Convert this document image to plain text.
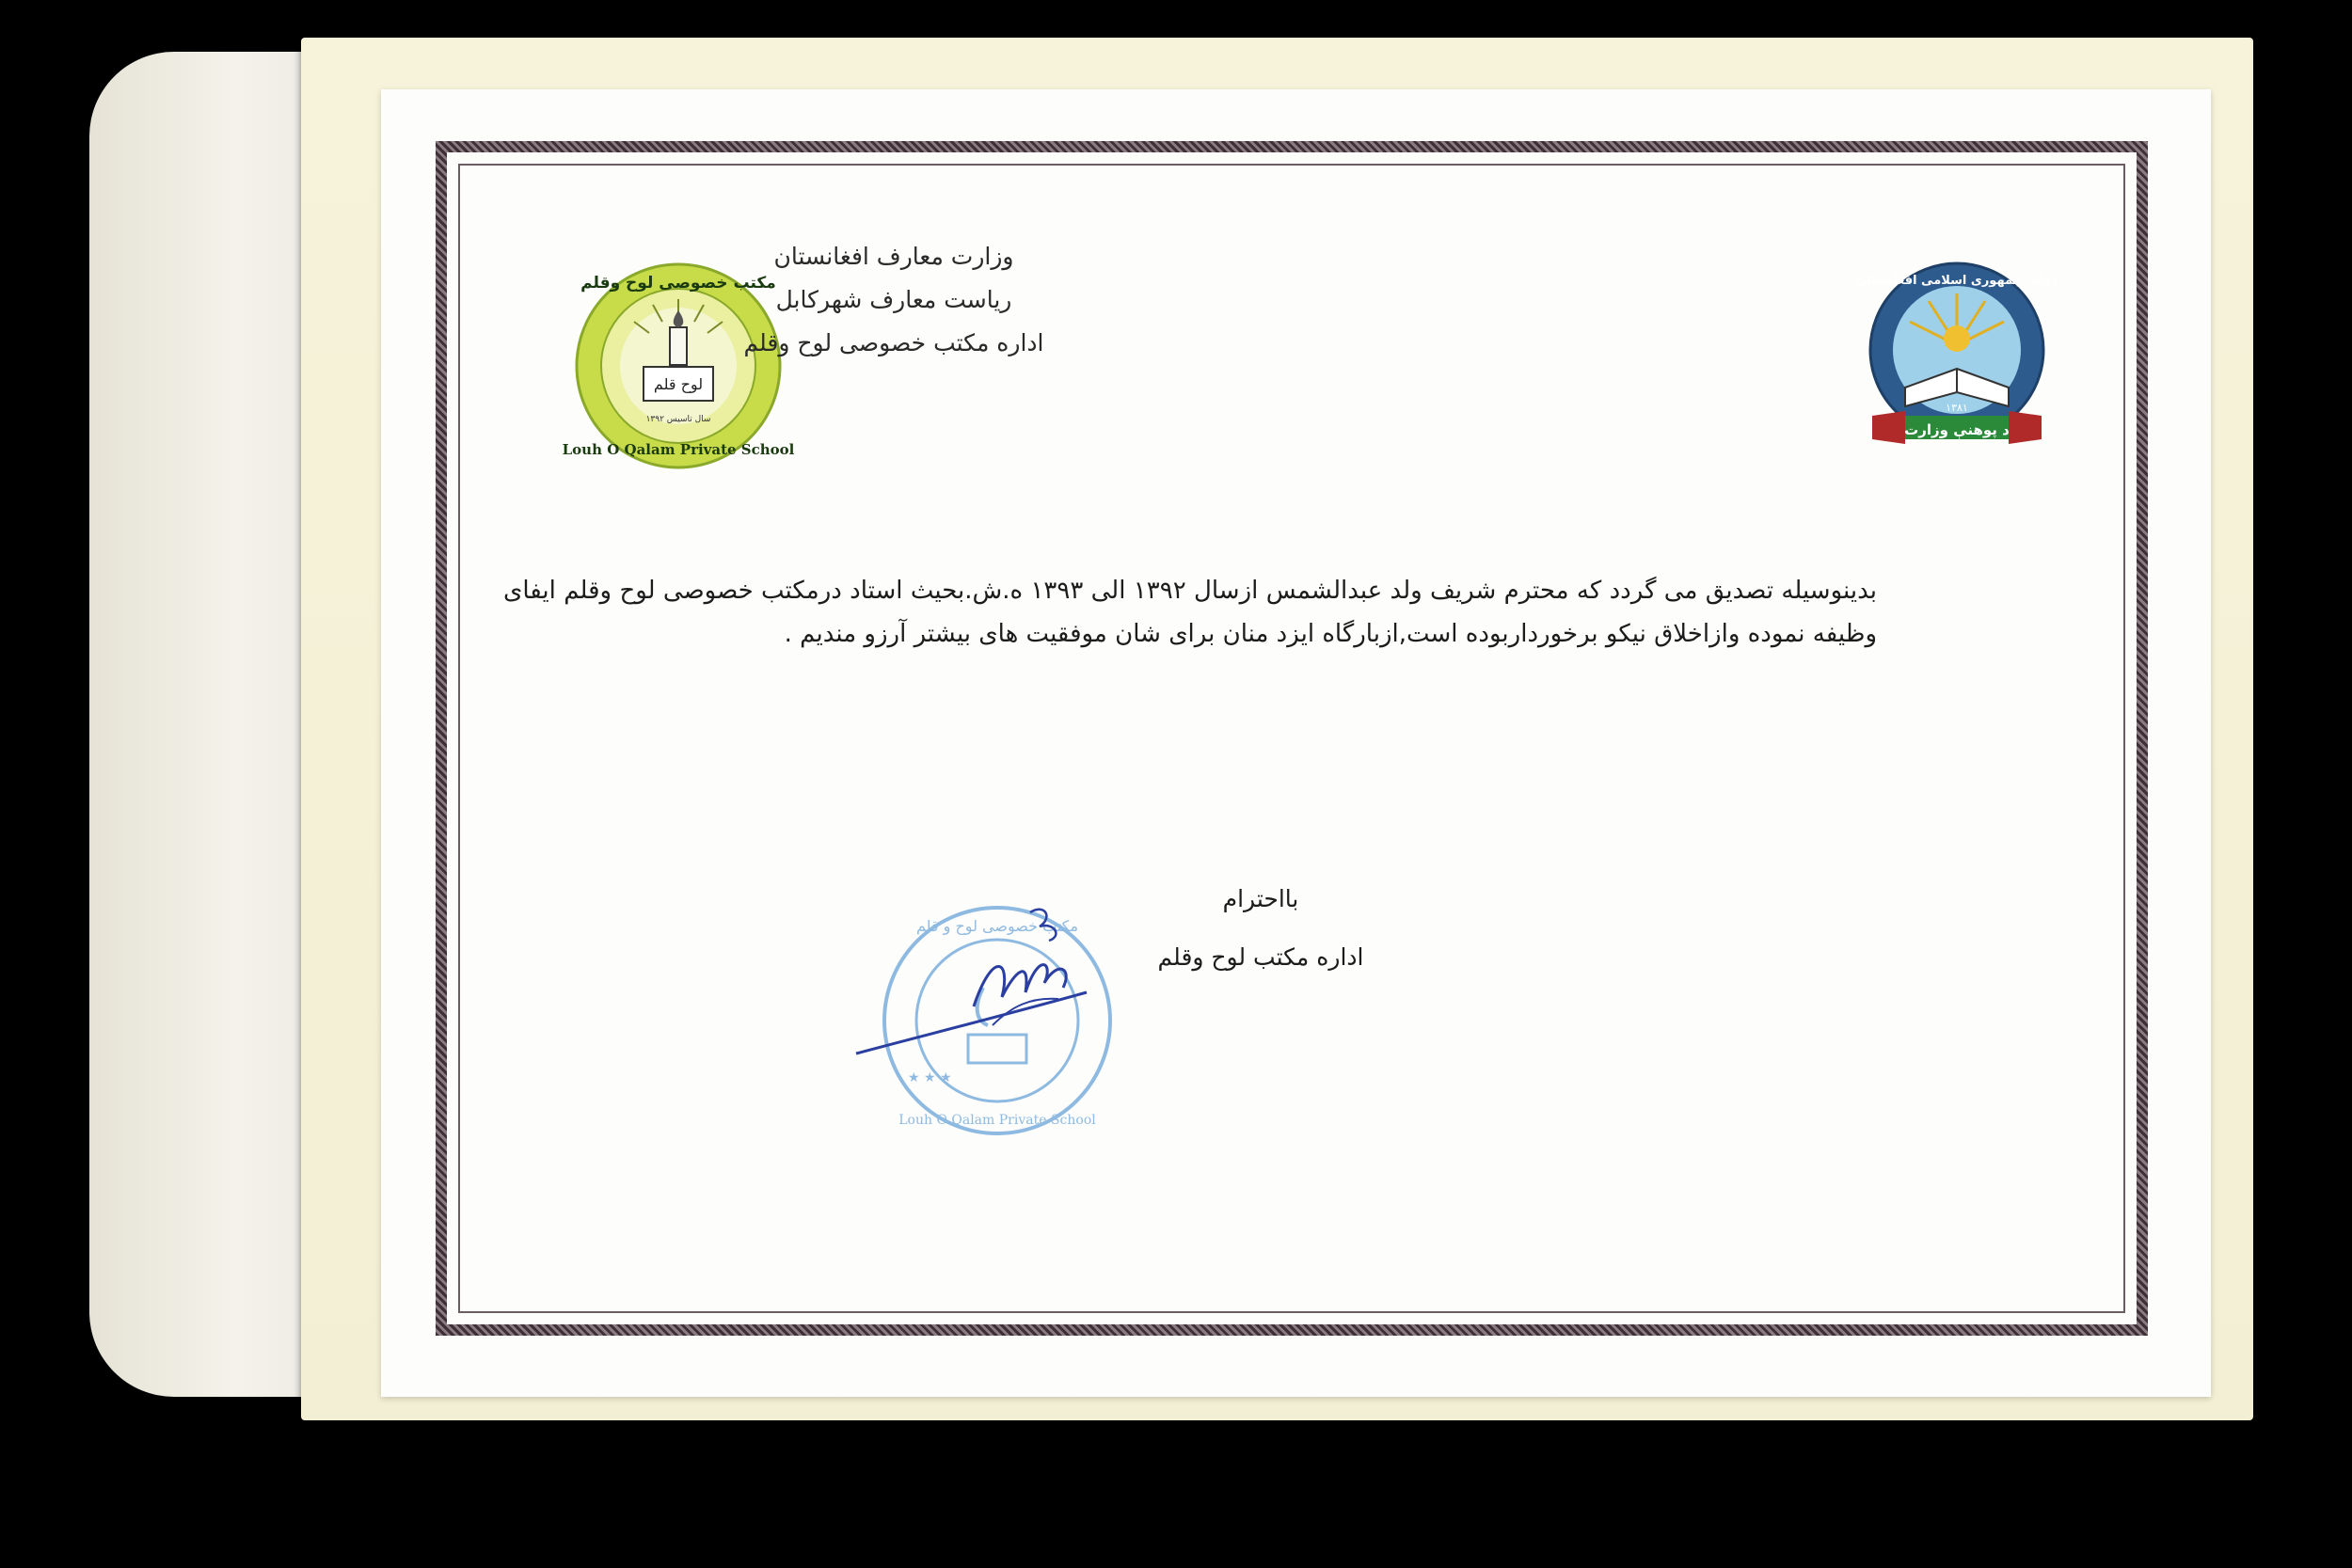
لوح قلم
سال تاسیس ۱۳۹۲
مکتب خصوصی لوح وقلم
Louh O Qalam Private School
د پوهنې وزارت
دولت جمهوری اسلامی افغانستان
۱۳۸۱
وزارت معارف افغانستان
ریاست معارف شهرکابل
اداره مکتب خصوصی لوح وقلم
بدینوسیله تصدیق می گردد که محترم شریف ولد عبدالشمس ازسال ۱۳۹۲ الی ۱۳۹۳ ه.ش.بحیث استاد درمکتب خصوصی لوح وقلم ایفای وظیفه نموده وازاخلاق نیکو برخورداربوده است,ازبارگاه ایزد منان برای شان موفقیت های بیشتر آرزو مندیم .
بااحترام
اداره مکتب لوح وقلم
مکتب خصوصی لوح و قلم
Louh O Qalam Private School
★ ★ ★
